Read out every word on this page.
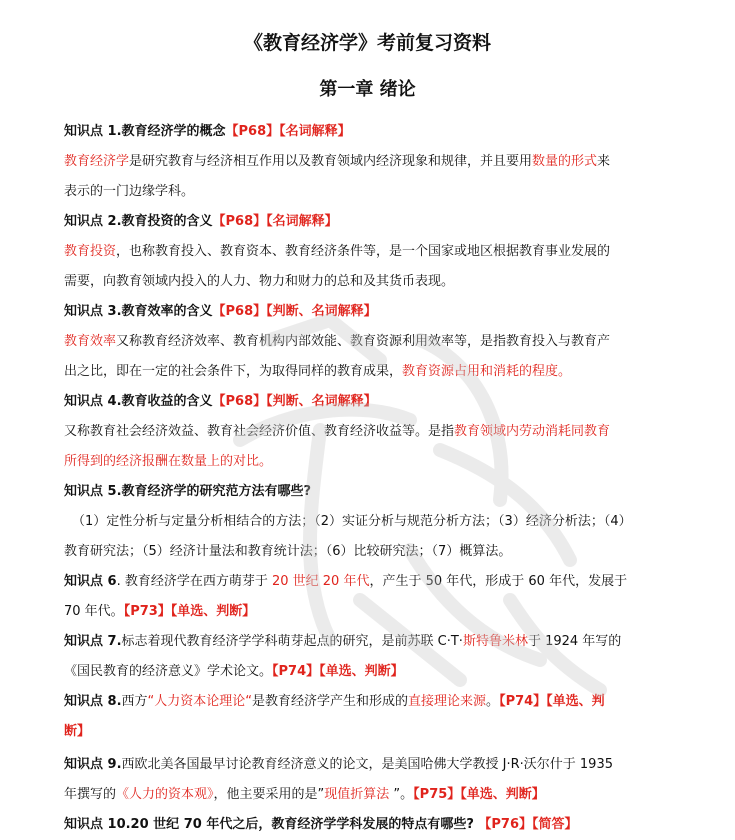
《教育经济学》考前复习资料
第一章 绪论
知识点 1.教育经济学的概念【P68】【名词解释】
教育经济学是研究教育与经济相互作用以及教育领域内经济现象和规律，并且要用数量的形式来
表示的一门边缘学科。
知识点 2.教育投资的含义【P68】【名词解释】
教育投资，也称教育投入、教育资本、教育经济条件等，是一个国家或地区根据教育事业发展的
需要，向教育领域内投入的人力、物力和财力的总和及其货币表现。
知识点 3.教育效率的含义【P68】【判断、名词解释】
教育效率又称教育经济效率、教育机构内部效能、教育资源利用效率等，是指教育投入与教育产
出之比，即在一定的社会条件下，为取得同样的教育成果，教育资源占用和消耗的程度。
知识点 4.教育收益的含义【P68】【判断、名词解释】
又称教育社会经济效益、教育社会经济价值、教育经济收益等。是指教育领域内劳动消耗同教育
所得到的经济报酬在数量上的对比。
知识点 5.教育经济学的研究范方法有哪些?
（1）定性分析与定量分析相结合的方法；（2）实证分析与规范分析方法；（3）经济分析法；（4）
教育研究法；（5）经济计量法和教育统计法；（6）比较研究法；（7）概算法。
知识点 6. 教育经济学在西方萌芽于 20 世纪 20 年代，产生于 50 年代，形成于 60 年代，发展于
70 年代。【P73】【单选、判断】
知识点 7.标志着现代教育经济学学科萌芽起点的研究，是前苏联 C·T·斯特鲁米林于 1924 年写的
《国民教育的经济意义》学术论文。【P74】【单选、判断】
知识点 8.西方“人力资本论理论“是教育经济学产生和形成的直接理论来源。【P74】【单选、判
断】
知识点 9.西欧北美各国最早讨论教育经济意义的论文，是美国哈佛大学教授 J·R·沃尔什于 1935
年撰写的《人力的资本观》，他主要采用的是”现值折算法 ”。【P75】【单选、判断】
知识点 10.20 世纪 70 年代之后，教育经济学学科发展的特点有哪些? 【P76】【简答】
